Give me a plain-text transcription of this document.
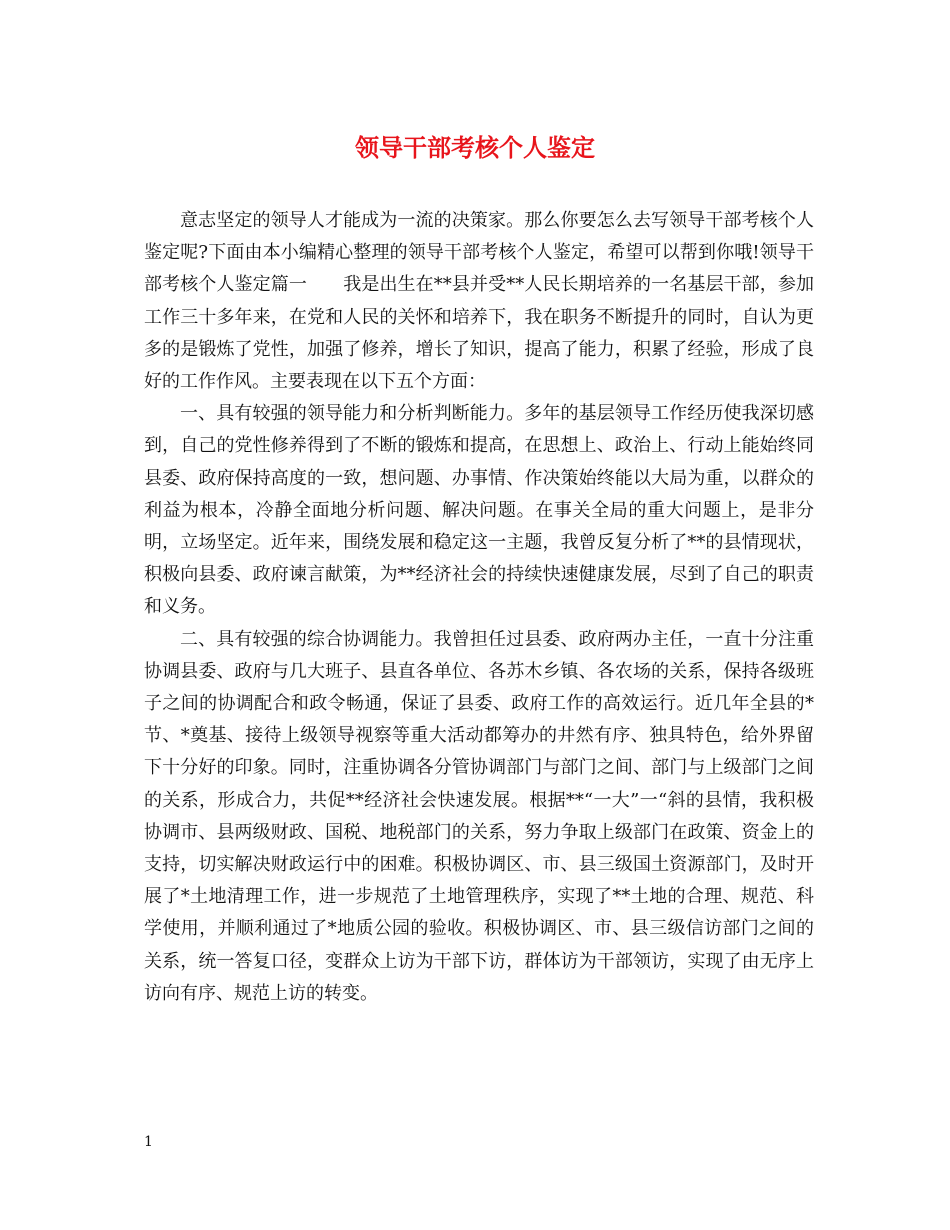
领导干部考核个人鉴定

意志坚定的领导人才能成为一流的决策家。那么你要怎么去写领导干部考核个人鉴定呢?下面由本小编精心整理的领导干部考核个人鉴定，希望可以帮到你哦!领导干部考核个人鉴定篇一　　我是出生在**县并受**人民长期培养的一名基层干部，参加工作三十多年来，在党和人民的关怀和培养下，我在职务不断提升的同时，自认为更多的是锻炼了党性，加强了修养，增长了知识，提高了能力，积累了经验，形成了良好的工作作风。主要表现在以下五个方面：

一、具有较强的领导能力和分析判断能力。多年的基层领导工作经历使我深切感到，自己的党性修养得到了不断的锻炼和提高，在思想上、政治上、行动上能始终同县委、政府保持高度的一致，想问题、办事情、作决策始终能以大局为重，以群众的利益为根本，冷静全面地分析问题、解决问题。在事关全局的重大问题上，是非分明，立场坚定。近年来，围绕发展和稳定这一主题，我曾反复分析了**的县情现状，积极向县委、政府谏言献策，为**经济社会的持续快速健康发展，尽到了自己的职责和义务。

二、具有较强的综合协调能力。我曾担任过县委、政府两办主任，一直十分注重协调县委、政府与几大班子、县直各单位、各苏木乡镇、各农场的关系，保持各级班子之间的协调配合和政令畅通，保证了县委、政府工作的高效运行。近几年全县的*节、*奠基、接待上级领导视察等重大活动都筹办的井然有序、独具特色，给外界留下十分好的印象。同时，注重协调各分管协调部门与部门之间、部门与上级部门之间的关系，形成合力，共促**经济社会快速发展。根据**“一大”一“斜的县情，我积极协调市、县两级财政、国税、地税部门的关系，努力争取上级部门在政策、资金上的支持，切实解决财政运行中的困难。积极协调区、市、县三级国土资源部门，及时开展了*土地清理工作，进一步规范了土地管理秩序，实现了**土地的合理、规范、科学使用，并顺利通过了*地质公园的验收。积极协调区、市、县三级信访部门之间的关系，统一答复口径，变群众上访为干部下访，群体访为干部领访，实现了由无序上访向有序、规范上访的转变。

1
